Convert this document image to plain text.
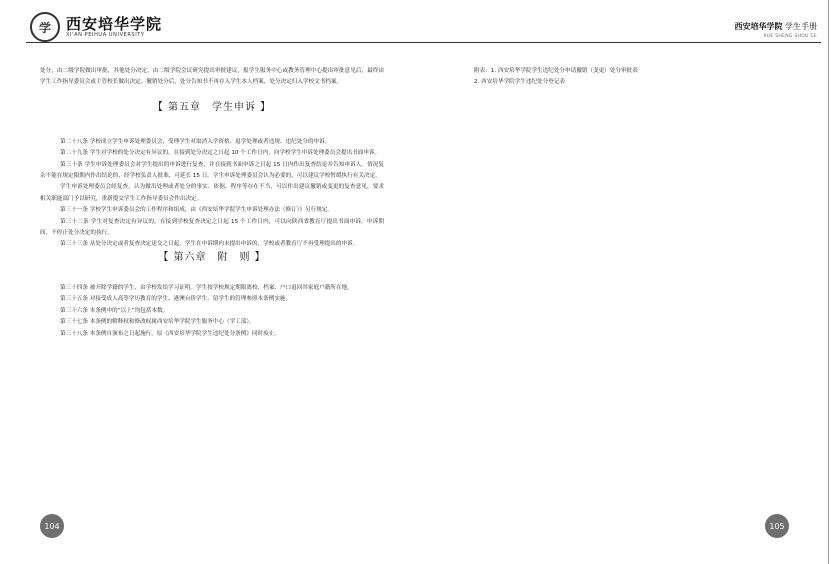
学	西安培华学院
XI'AN PEIHUA UNIVERSITY
西安培华学院 学生手册
XUE SHENG SHOU CE

处分，由二级学院做出审批，其他处分决定，由二级学院会议研究提出审批建议，报学生服务中心或教务管理中心提出审批意见后，最终由学生工作指导委员会或主管校长做出决定。撤销处分后，处分告知书不再存入学生本人档案，处分决定归入学校文书档案。

【 第五章　学生申诉 】

第二十八条 学校成立学生申诉处理委员会，受理学生对取消入学资格、退学处理或者违规、违纪处分的申诉。

第二十九条 学生对学校的处分决定有异议的，在接到处分决定之日起 10 个工作日内，向学校学生申诉处理委员会提出书面申诉。

第三十条 学生申诉处理委员会对学生提出的申诉进行复查，并在接到书面申诉之日起 15 日内作出复查结论并告知申诉人。情况复杂不能在规定限期内作出结论的，经学校负责人批准，可延长 15 日。学生申诉处理委员会认为必要的，可以建议学校暂缓执行有关决定。

学生申诉处理委员会经复查，认为做出处理或者处分的事实、依据、程序等存在不当，可以作出建议撤销或变更的复查意见，要求相关职能部门予以研究，重新提交学生工作指导委员会作出决定。

第三十一条 学校学生申诉委员会的工作程序和组成，由《西安培华学院学生申诉处理办法（修订）》另行规定。

第三十二条 学生对复查决定有异议的，在接到学校复查决定之日起 15 个工作日内，可以向陕西省教育厅提出书面申诉。申诉期间，不停止处分决定的执行。

第三十三条 从处分决定或者复查决定送交之日起，学生在申诉期内未提出申诉的，学校或者教育厅不再受理提出的申诉。

【 第六章　附　则 】

第三十四条 被开除学籍的学生，由学校发给学习证明。学生按学校规定期限离校，档案、户口退回其家庭户籍所在地。

第三十五条 对接受成人高等学历教育的学生、港澳台侨学生、留学生的管理参照本条例实施。

第三十六条 本条例中的“以上”均包括本数。

第三十七条 本条例的解释权和修改权属西安培华学院学生服务中心（学工部）。

第三十八条 本条例自颁布之日起施行。原《西安培华学院学生违纪处分条例》同时废止。

附表：1. 西安培华学院学生违纪处分申请撤销（变更）处分审批表

2. 西安培华学院学生违纪处分登记表

104	105
